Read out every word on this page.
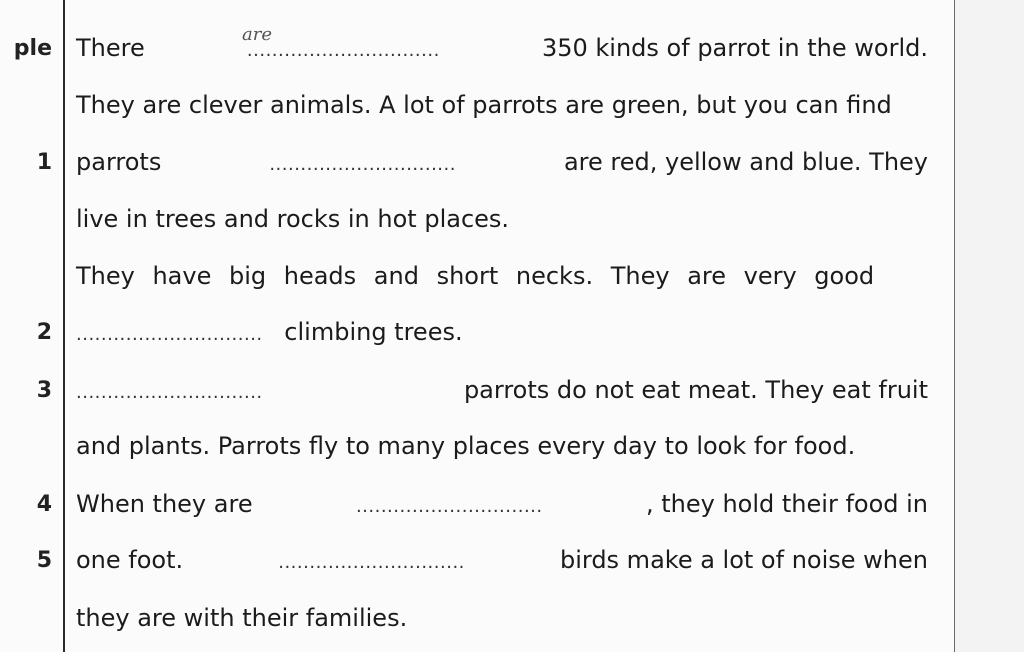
ple
1
2
3
4
5
are
There	...............................	350 kinds of parrot in the world.
They are clever animals. A lot of parrots are green, but you can find
parrots	..............................	are red, yellow and blue. They
live in trees and rocks in hot places.
They have big heads and short necks. They are very good
.............................. climbing trees.
..............................	parrots do not eat meat. They eat fruit
and plants. Parrots fly to many places every day to look for food.
When they are	..............................	, they hold their food in
one foot.	..............................	birds make a lot of noise when
they are with their families.
